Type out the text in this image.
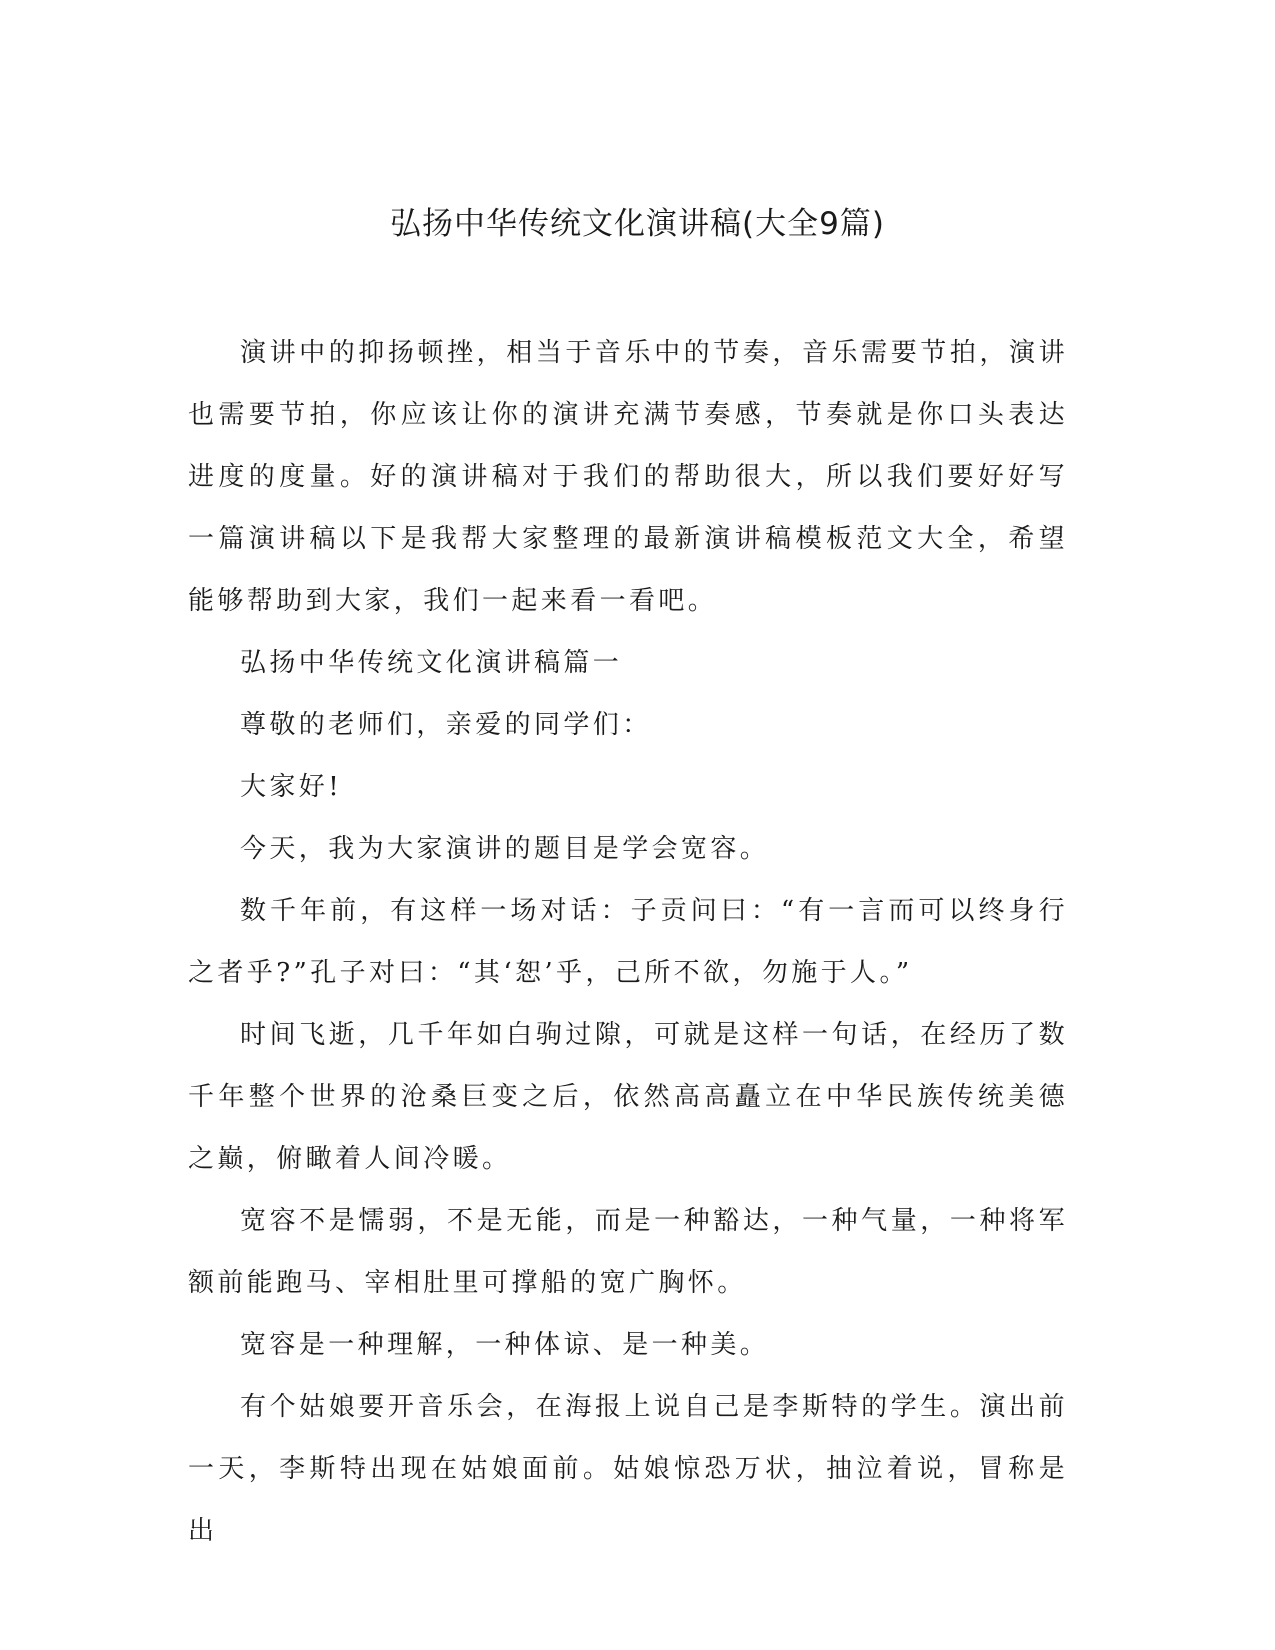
弘扬中华传统文化演讲稿(大全9篇)

演讲中的抑扬顿挫，相当于音乐中的节奏，音乐需要节拍，演讲也需要节拍，你应该让你的演讲充满节奏感，节奏就是你口头表达进度的度量。好的演讲稿对于我们的帮助很大，所以我们要好好写一篇演讲稿以下是我帮大家整理的最新演讲稿模板范文大全，希望能够帮助到大家，我们一起来看一看吧。

弘扬中华传统文化演讲稿篇一

尊敬的老师们，亲爱的同学们：

大家好!

今天，我为大家演讲的题目是学会宽容。

数千年前，有这样一场对话：子贡问曰：“有一言而可以终身行之者乎?”孔子对曰：“其‘恕’乎，己所不欲，勿施于人。”

时间飞逝，几千年如白驹过隙，可就是这样一句话，在经历了数千年整个世界的沧桑巨变之后，依然高高矗立在中华民族传统美德之巅，俯瞰着人间冷暖。

宽容不是懦弱，不是无能，而是一种豁达，一种气量，一种将军额前能跑马、宰相肚里可撑船的宽广胸怀。

宽容是一种理解，一种体谅、是一种美。

有个姑娘要开音乐会，在海报上说自己是李斯特的学生。演出前一天，李斯特出现在姑娘面前。姑娘惊恐万状，抽泣着说，冒称是出
